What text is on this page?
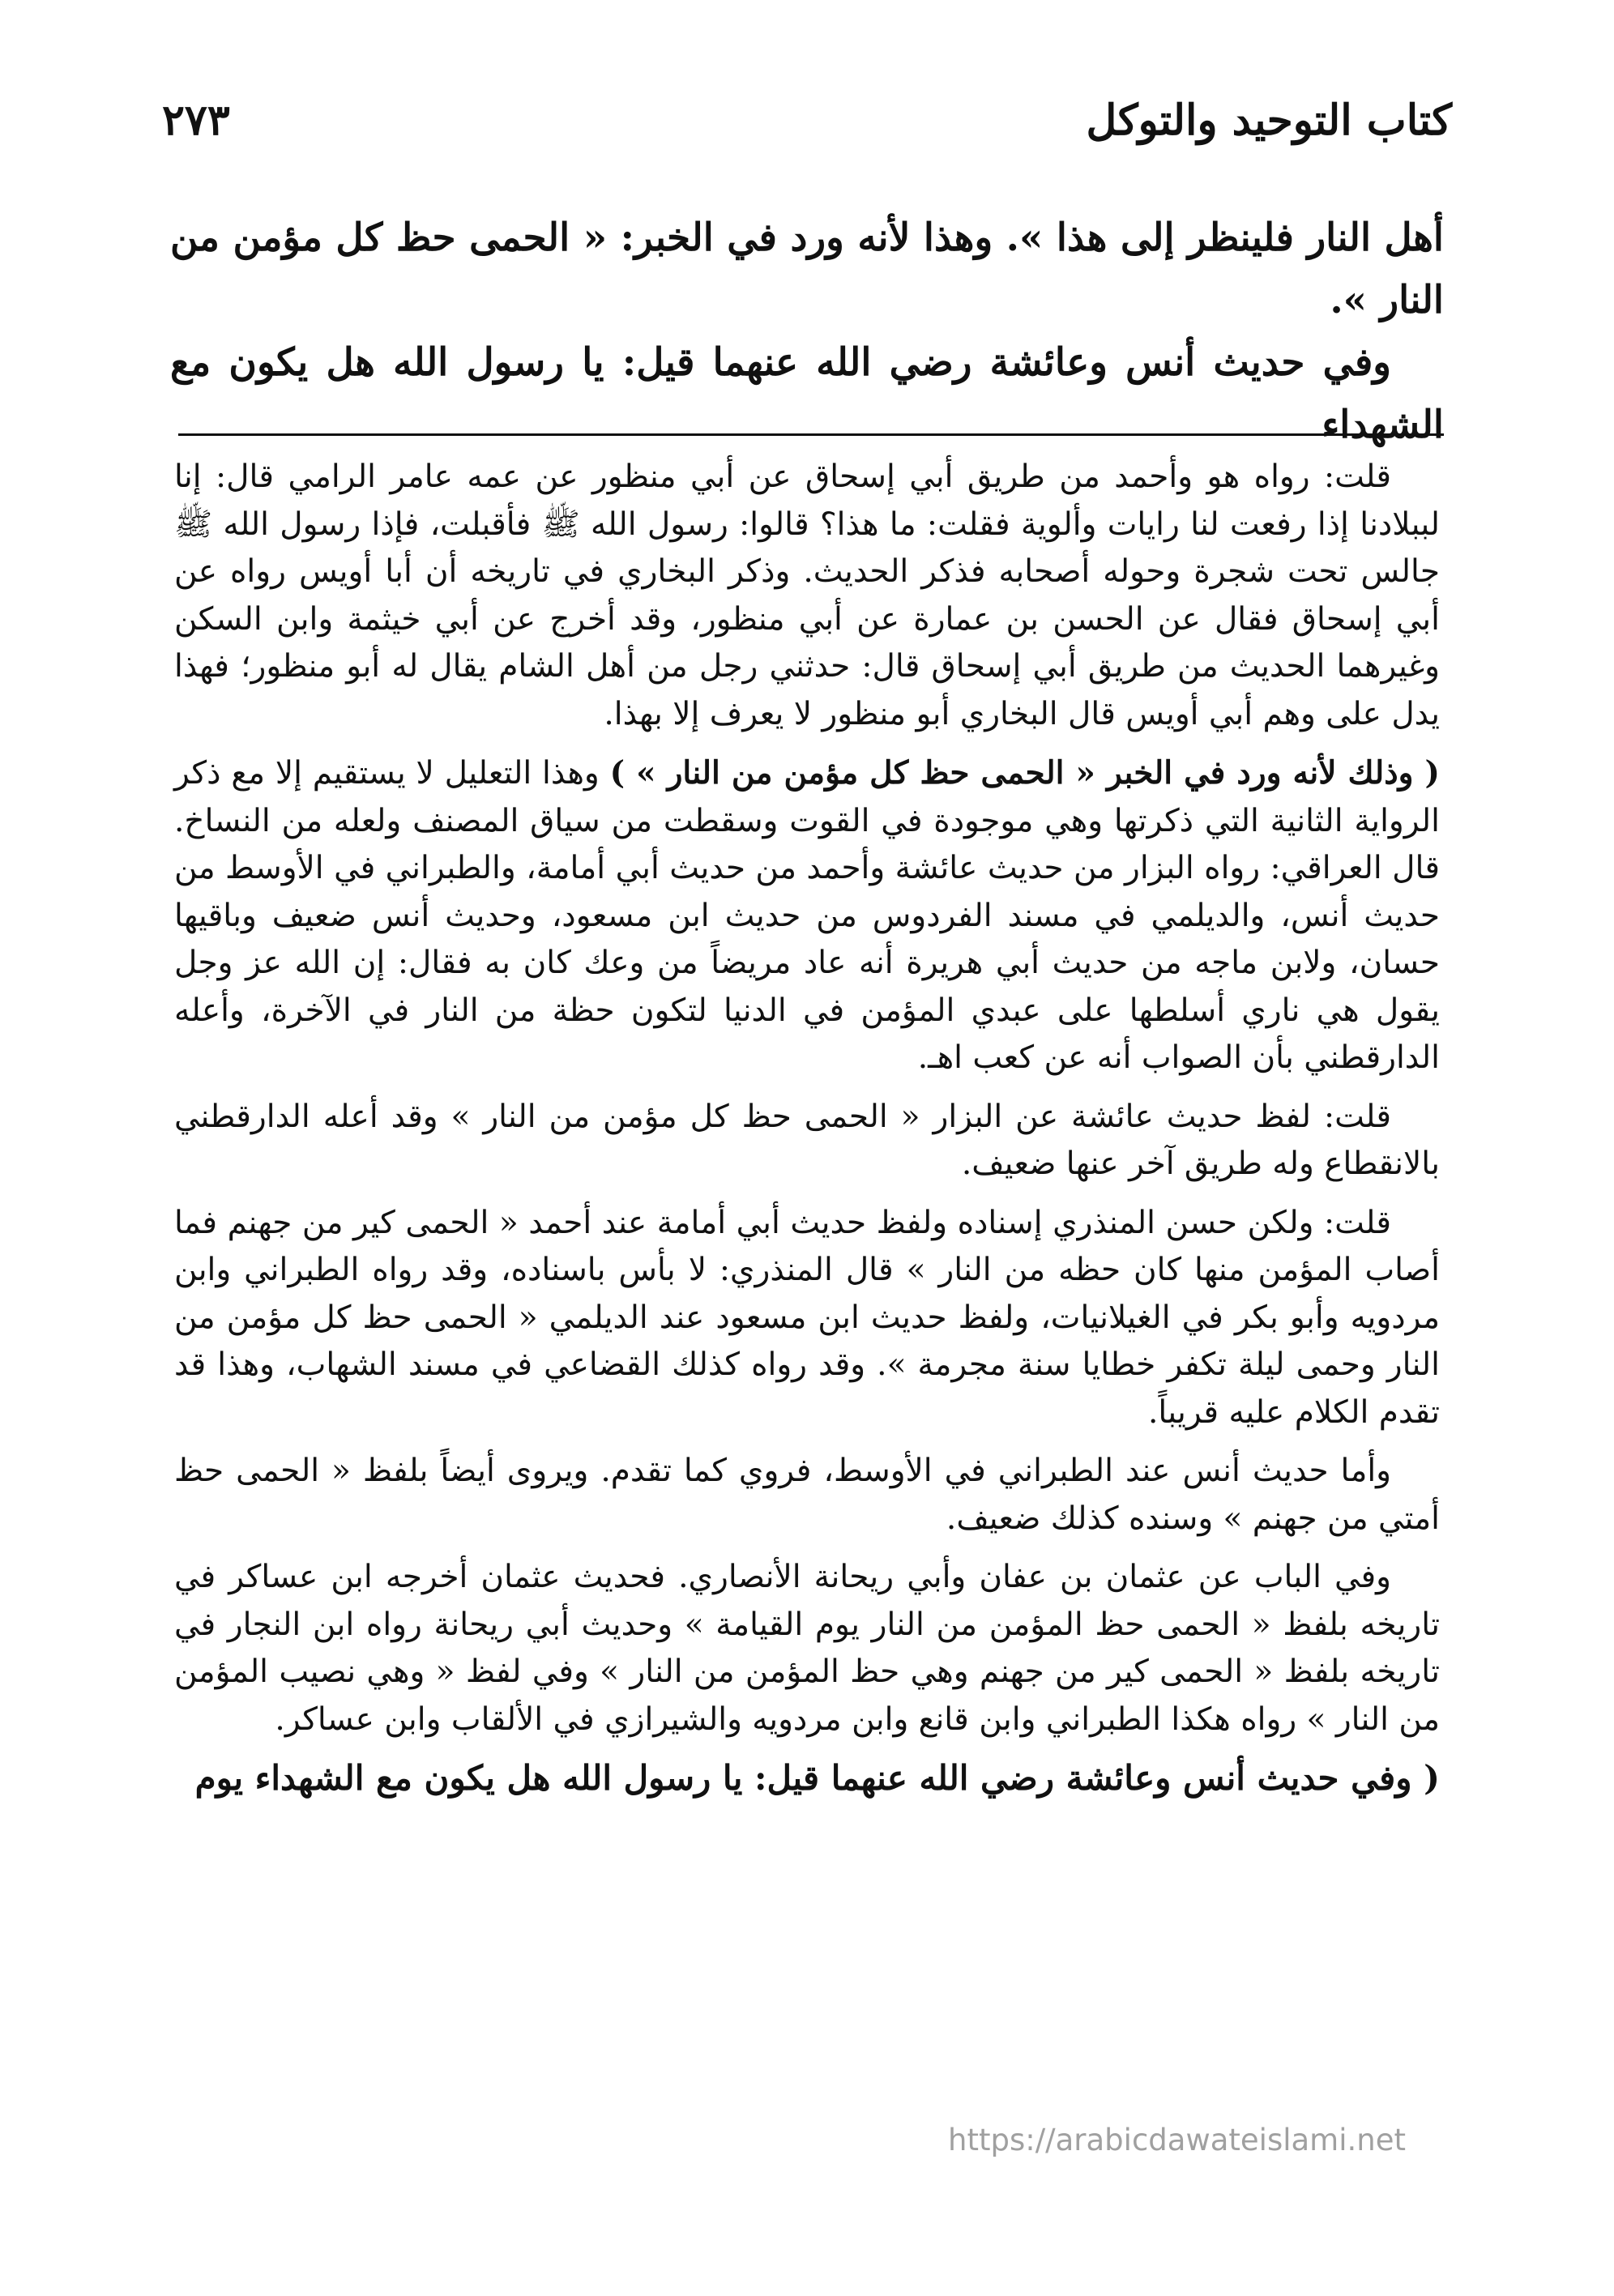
كتاب التوحيد والتوكل
٢٧٣

أهل النار فلينظر إلى هذا ». وهذا لأنه ورد في الخبر: « الحمى حظ كل مؤمن من النار ».

وفي حديث أنس وعائشة رضي الله عنهما قيل: يا رسول الله هل يكون مع الشهداء

قلت: رواه هو وأحمد من طريق أبي إسحاق عن أبي منظور عن عمه عامر الرامي قال: إنا لببلادنا إذا رفعت لنا رايات وألوية فقلت: ما هذا؟ قالوا: رسول الله ﷺ فأقبلت، فإذا رسول الله ﷺ جالس تحت شجرة وحوله أصحابه فذكر الحديث. وذكر البخاري في تاريخه أن أبا أويس رواه عن أبي إسحاق فقال عن الحسن بن عمارة عن أبي منظور، وقد أخرج عن أبي خيثمة وابن السكن وغيرهما الحديث من طريق أبي إسحاق قال: حدثني رجل من أهل الشام يقال له أبو منظور؛ فهذا يدل على وهم أبي أويس قال البخاري أبو منظور لا يعرف إلا بهذا.

( وذلك لأنه ورد في الخبر « الحمى حظ كل مؤمن من النار » ) وهذا التعليل لا يستقيم إلا مع ذكر الرواية الثانية التي ذكرتها وهي موجودة في القوت وسقطت من سياق المصنف ولعله من النساخ. قال العراقي: رواه البزار من حديث عائشة وأحمد من حديث أبي أمامة، والطبراني في الأوسط من حديث أنس، والديلمي في مسند الفردوس من حديث ابن مسعود، وحديث أنس ضعيف وباقيها حسان، ولابن ماجه من حديث أبي هريرة أنه عاد مريضاً من وعك كان به فقال: إن الله عز وجل يقول هي ناري أسلطها على عبدي المؤمن في الدنيا لتكون حظة من النار في الآخرة، وأعله الدارقطني بأن الصواب أنه عن كعب اهـ.

قلت: لفظ حديث عائشة عن البزار « الحمى حظ كل مؤمن من النار » وقد أعله الدارقطني بالانقطاع وله طريق آخر عنها ضعيف.

قلت: ولكن حسن المنذري إسناده ولفظ حديث أبي أمامة عند أحمد « الحمى كير من جهنم فما أصاب المؤمن منها كان حظه من النار » قال المنذري: لا بأس باسناده، وقد رواه الطبراني وابن مردويه وأبو بكر في الغيلانيات، ولفظ حديث ابن مسعود عند الديلمي « الحمى حظ كل مؤمن من النار وحمى ليلة تكفر خطايا سنة مجرمة ». وقد رواه كذلك القضاعي في مسند الشهاب، وهذا قد تقدم الكلام عليه قريباً.

وأما حديث أنس عند الطبراني في الأوسط، فروي كما تقدم. ويروى أيضاً بلفظ « الحمى حظ أمتي من جهنم » وسنده كذلك ضعيف.

وفي الباب عن عثمان بن عفان وأبي ريحانة الأنصاري. فحديث عثمان أخرجه ابن عساكر في تاريخه بلفظ « الحمى حظ المؤمن من النار يوم القيامة » وحديث أبي ريحانة رواه ابن النجار في تاريخه بلفظ « الحمى كير من جهنم وهي حظ المؤمن من النار » وفي لفظ « وهي نصيب المؤمن من النار » رواه هكذا الطبراني وابن قانع وابن مردويه والشيرازي في الألقاب وابن عساكر.

( وفي حديث أنس وعائشة رضي الله عنهما قيل: يا رسول الله هل يكون مع الشهداء يوم

https://arabicdawateislami.net
